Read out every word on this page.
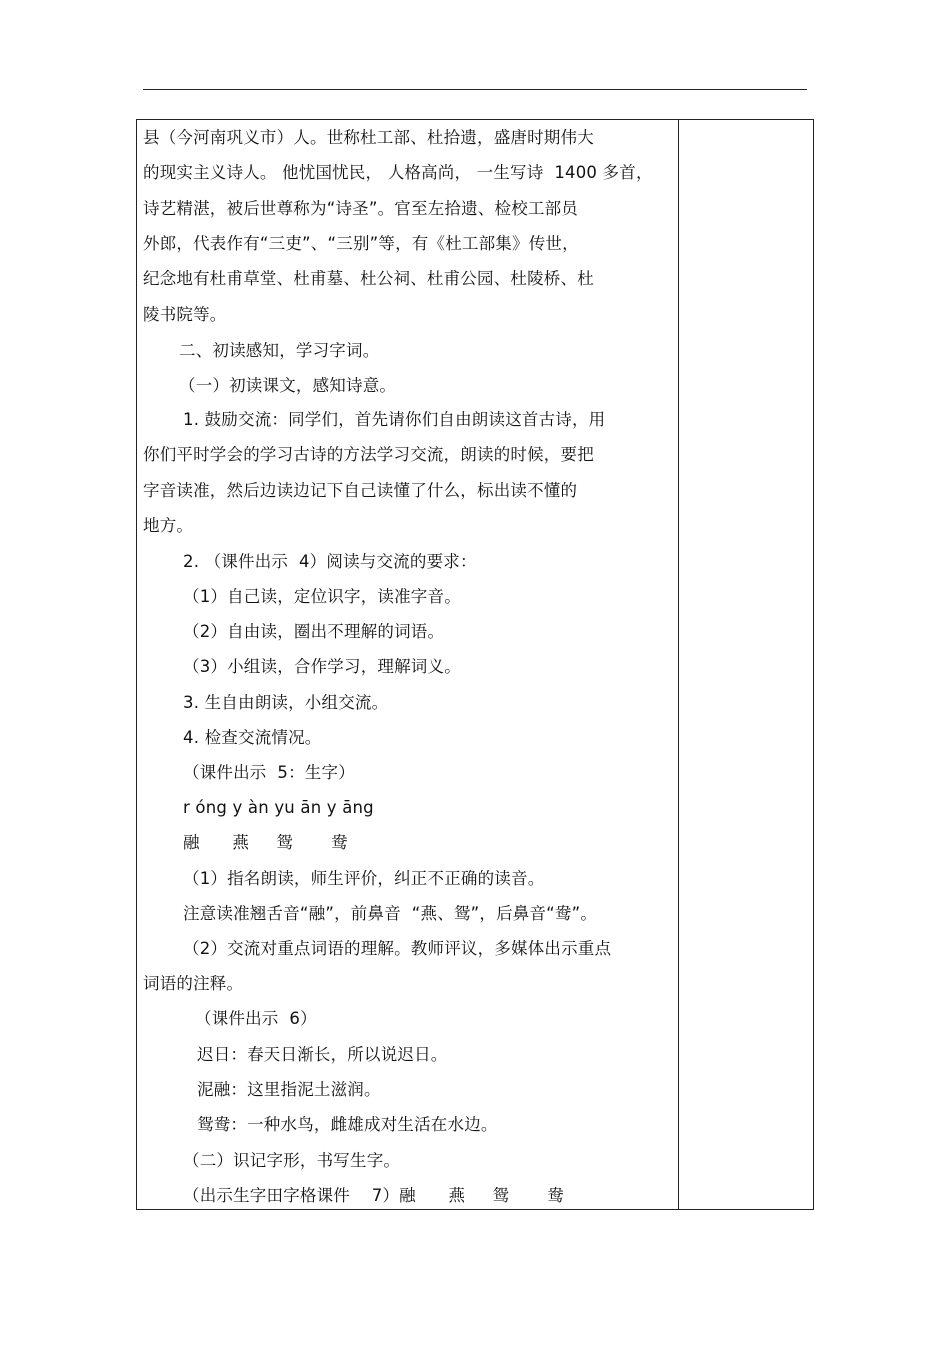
县（今河南巩义市）人。世称杜工部、杜拾遗，盛唐时期伟大
的现实主义诗人。 他忧国忧民， 人格高尚， 一生写诗  1400 多首，
诗艺精湛，被后世尊称为“诗圣”。官至左拾遗、检校工部员
外郎，代表作有“三吏”、“三别”等，有《杜工部集》传世，
纪念地有杜甫草堂、杜甫墓、杜公祠、杜甫公园、杜陵桥、杜
陵书院等。
二、初读感知，学习字词。
（一）初读课文，感知诗意。
1. 鼓励交流：同学们，首先请你们自由朗读这首古诗，用
你们平时学会的学习古诗的方法学习交流，朗读的时候，要把
字音读准，然后边读边记下自己读懂了什么，标出读不懂的
地方。
2. （课件出示  4）阅读与交流的要求：
（1）自己读，定位识字，读准字音。
（2）自由读，圈出不理解的词语。
（3）小组读，合作学习，理解词义。
3. 生自由朗读，小组交流。
4. 检查交流情况。
（课件出示  5：生字）
r óng y àn yu ān y āng
融      燕     鸳       鸯
（1）指名朗读，师生评价，纠正不正确的读音。
注意读准翘舌音“融”，前鼻音  “燕、鸳”，后鼻音“鸯”。
（2）交流对重点词语的理解。教师评议，多媒体出示重点
词语的注释。
（课件出示  6）
迟日：春天日渐长，所以说迟日。
泥融：这里指泥土滋润。
鸳鸯：一种水鸟，雌雄成对生活在水边。
（二）识记字形，书写生字。
（出示生字田字格课件    7）融      燕     鸳       鸯
